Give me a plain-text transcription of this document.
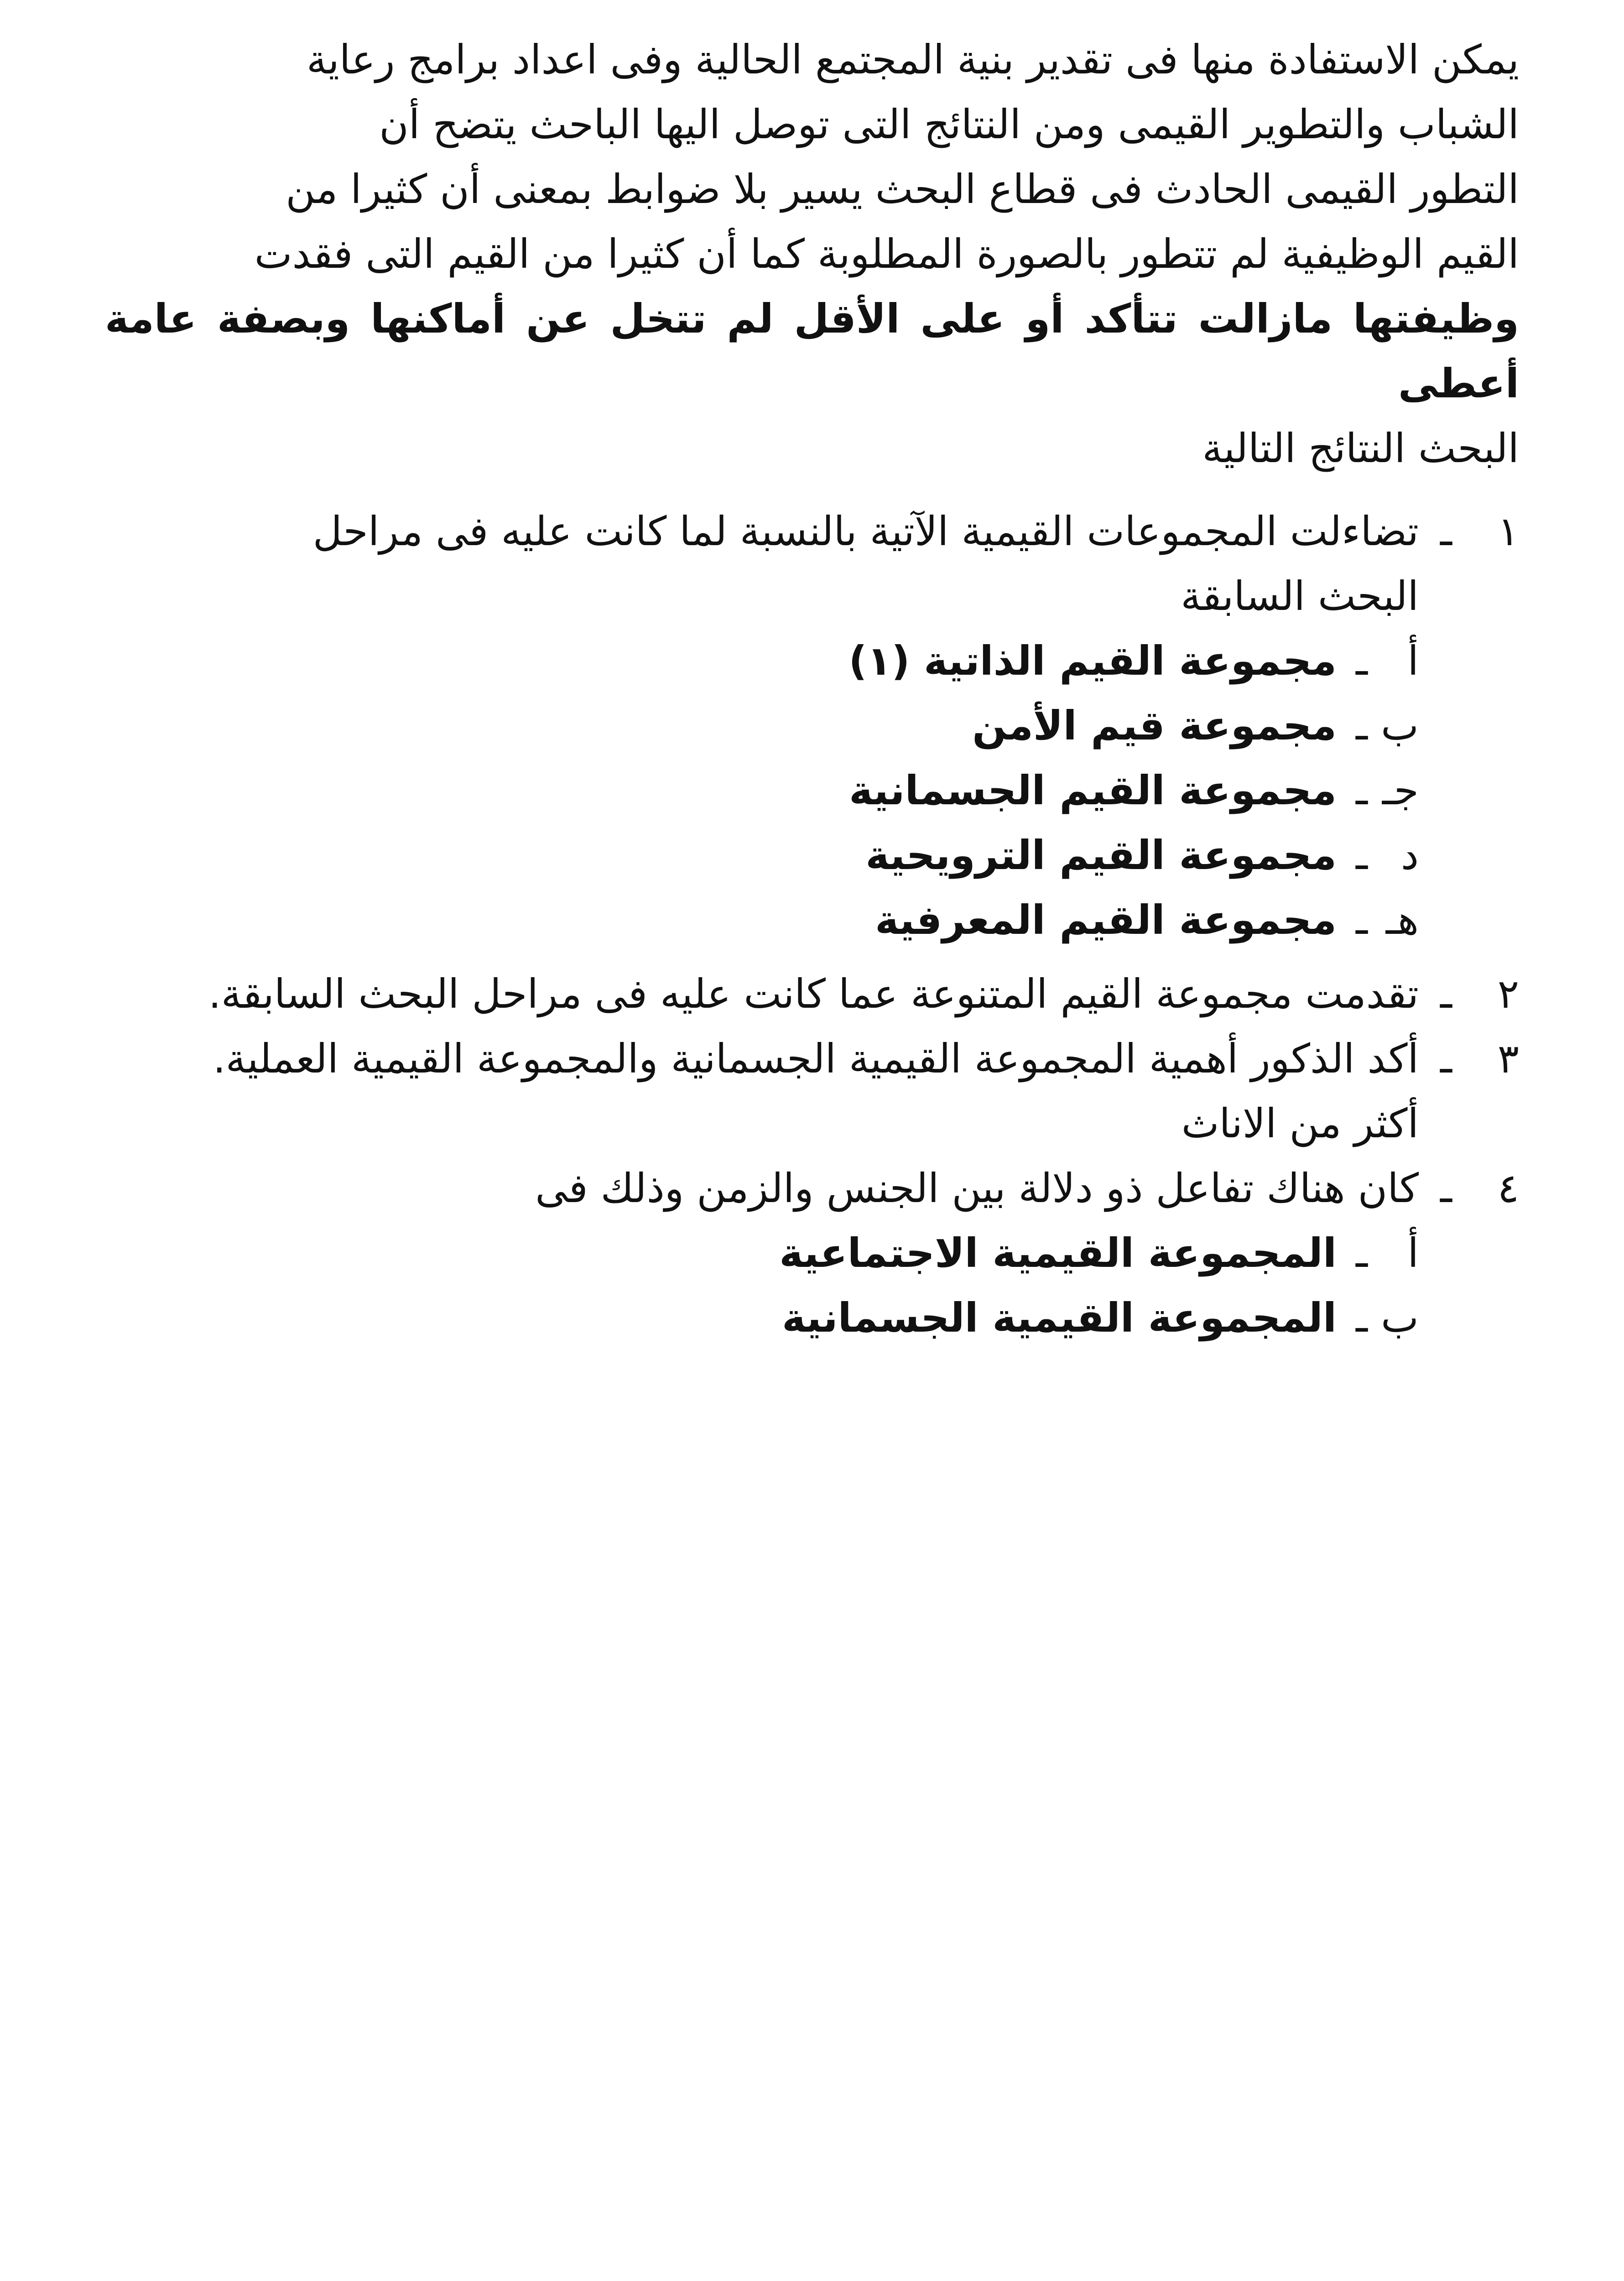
يمكن الاستفادة منها فى تقدير بنية المجتمع الحالية وفى اعداد برامج رعاية
الشباب والتطوير القيمى ومن النتائج التى توصل اليها الباحث يتضح أن
التطور القيمى الحادث فى قطاع البحث يسير بلا ضوابط بمعنى أن كثيرا من
القيم الوظيفية لم تتطور بالصورة المطلوبة كما أن كثيرا من القيم التى فقدت
وظيفتها مازالت تتأكد أو على الأقل لم تتخل عن أماكنها وبصفة عامة أعطى
البحث النتائج التالية
١
ـ
تضاءلت المجموعات القيمية الآتية بالنسبة لما كانت عليه فى مراحل
البحث السابقة
أ
ـ
مجموعة القيم الذاتية (١)
ب
ـ
مجموعة قيم الأمن
جـ
ـ
مجموعة القيم الجسمانية
د
ـ
مجموعة القيم الترويحية
هـ
ـ
مجموعة القيم المعرفية
٢
ـ
تقدمت مجموعة القيم المتنوعة عما كانت عليه فى مراحل البحث السابقة.
٣
ـ
أكد الذكور أهمية المجموعة القيمية الجسمانية والمجموعة القيمية العملية.
أكثر من الاناث
٤
ـ
كان هناك تفاعل ذو دلالة بين الجنس والزمن وذلك فى
أ
ـ
المجموعة القيمية الاجتماعية
ب
ـ
المجموعة القيمية الجسمانية
